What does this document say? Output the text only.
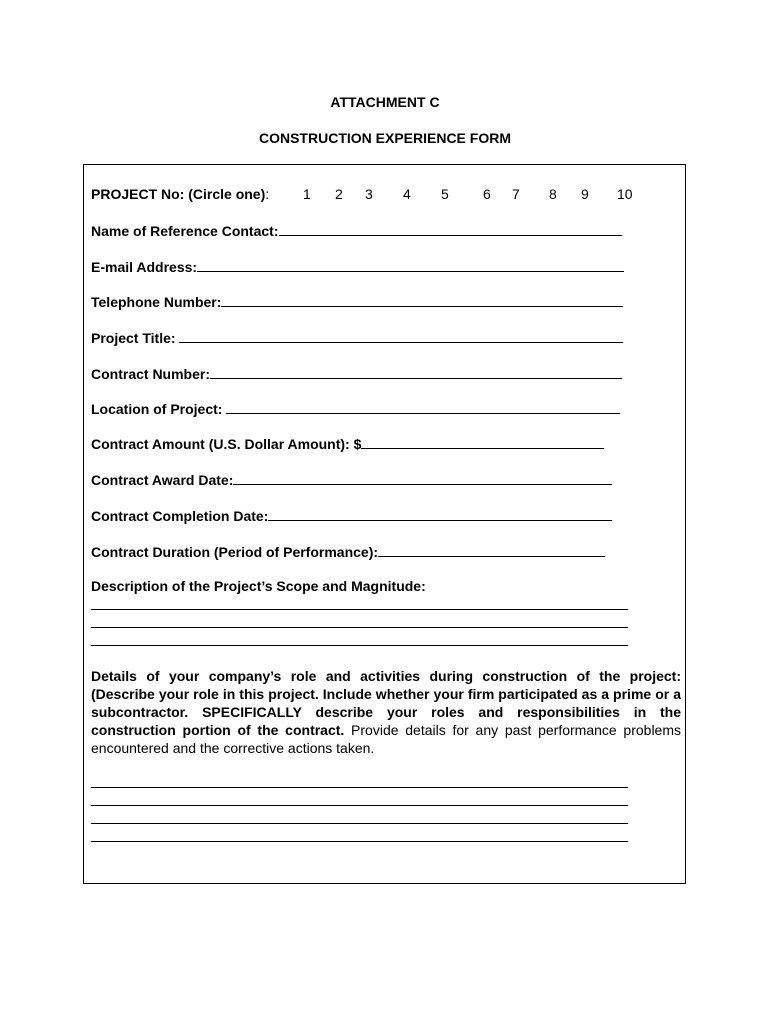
ATTACHMENT C
CONSTRUCTION EXPERIENCE FORM
PROJECT No: (Circle one): 1 2 3 4 5 6 7 8 9 10
Name of Reference Contact:
E-mail Address:
Telephone Number:
Project Title:
Contract Number:
Location of Project:
Contract Amount (U.S. Dollar Amount): $
Contract Award Date:
Contract Completion Date:
Contract Duration (Period of Performance):
Description of the Project’s Scope and Magnitude:
Details of your company’s role and activities during construction of the project: (Describe your role in this project. Include whether your firm participated as a prime or a subcontractor. SPECIFICALLY describe your roles and responsibilities in the construction portion of the contract. Provide details for any past performance problems encountered and the corrective actions taken.
